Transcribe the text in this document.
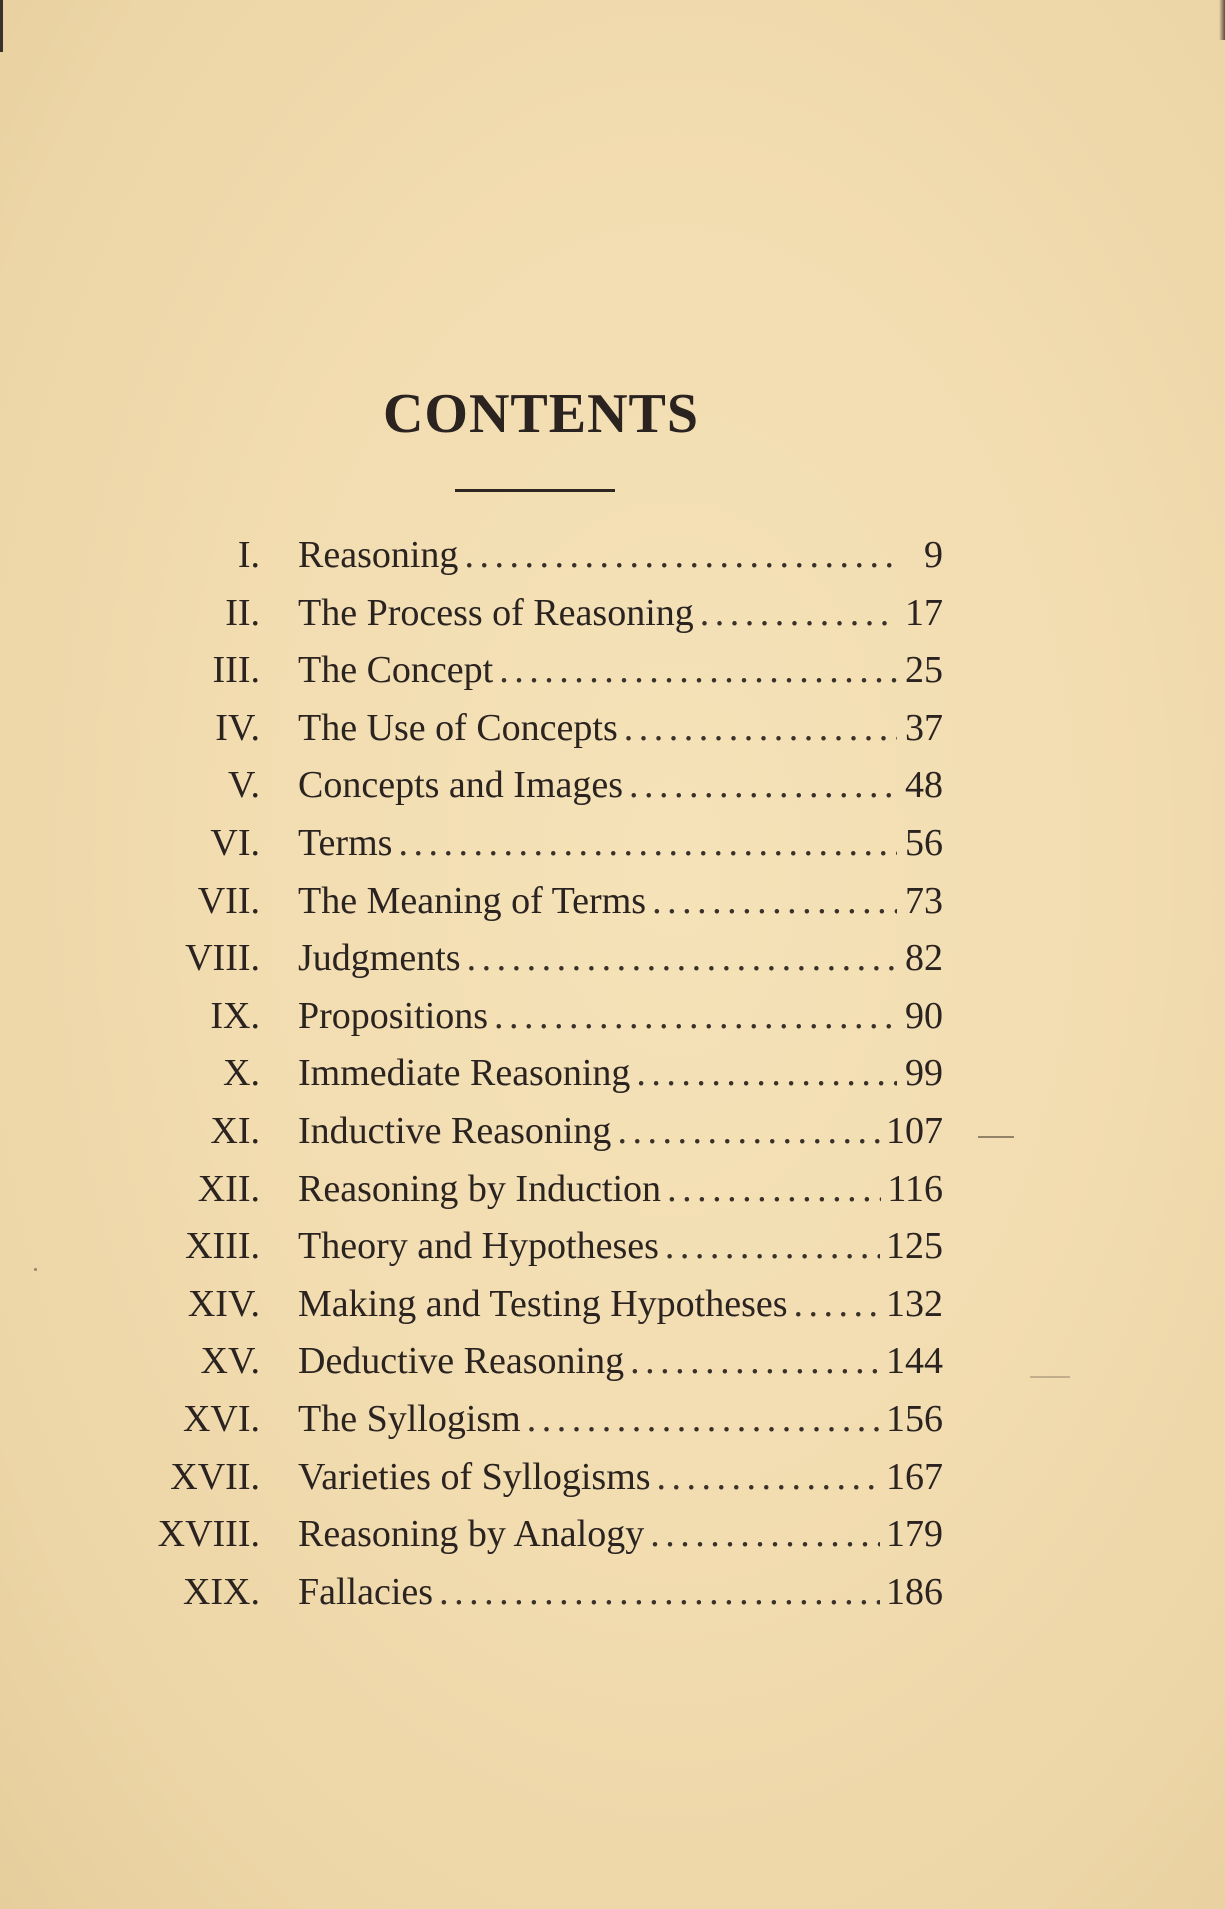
CONTENTS
I. Reasoning . . .	9
II. The Process of Reasoning . . .	17
III. The Concept . . .	25
IV. The Use of Concepts . . .	37
V. Concepts and Images . . .	48
VI. Terms . . .	56
VII. The Meaning of Terms . . .	73
VIII. Judgments . . .	82
IX. Propositions . . .	90
X. Immediate Reasoning . . .	99
XI. Inductive Reasoning . . .	107
XII. Reasoning by Induction . . .	116
XIII. Theory and Hypotheses . . .	125
XIV. Making and Testing Hypotheses . . .	132
XV. Deductive Reasoning . . .	144
XVI. The Syllogism . . .	156
XVII. Varieties of Syllogisms . . .	167
XVIII. Reasoning by Analogy . . .	179
XIX. Fallacies . . .	186
